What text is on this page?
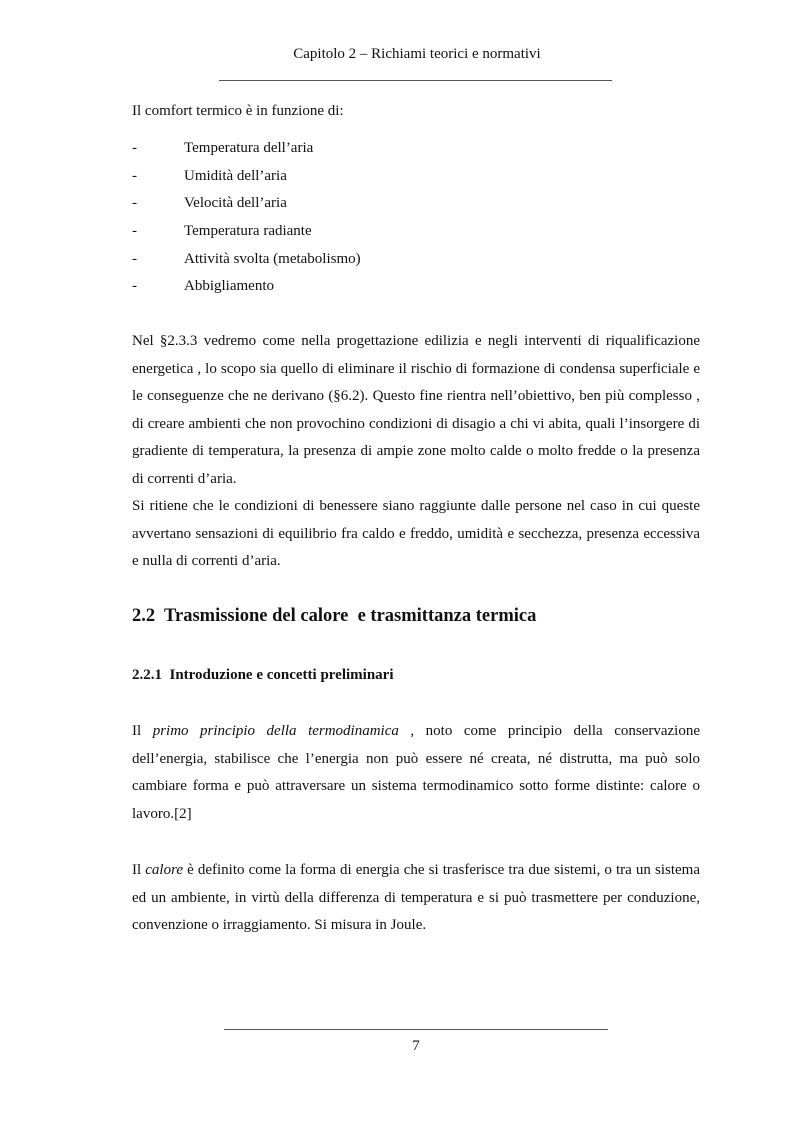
Capitolo 2 – Richiami teorici e normativi
Il comfort termico è in funzione di:
-	Temperatura dell’aria
-	Umidità dell’aria
-	Velocità dell’aria
-	Temperatura radiante
-	Attività svolta (metabolismo)
-	Abbigliamento

Nel §2.3.3 vedremo come nella progettazione edilizia e negli interventi di riqualificazione energetica , lo scopo sia quello di eliminare il rischio di formazione di condensa superficiale e le conseguenze che ne derivano (§6.2). Questo fine rientra nell’obiettivo, ben più complesso , di creare ambienti che non provochino condizioni di disagio a chi vi abita, quali l’insorgere di gradiente di temperatura, la presenza di ampie zone molto calde o molto fredde o la presenza di correnti d’aria.

Si ritiene che le condizioni di benessere siano raggiunte dalle persone nel caso in cui queste avvertano sensazioni di equilibrio fra caldo e freddo, umidità e secchezza, presenza eccessiva e nulla di correnti d’aria.

2.2 Trasmissione del calore  e trasmittanza termica
2.2.1 Introduzione e concetti preliminari

Il primo principio della termodinamica , noto come principio della conservazione dell’energia, stabilisce che l’energia non può essere né creata, né distrutta, ma può solo cambiare forma e può attraversare un sistema termodinamico sotto forme distinte: calore o lavoro.[2]

Il calore è definito come la forma di energia che si trasferisce tra due sistemi, o tra un sistema ed un ambiente, in virtù della differenza di temperatura e si può trasmettere per conduzione, convenzione o irraggiamento. Si misura in Joule.

7
